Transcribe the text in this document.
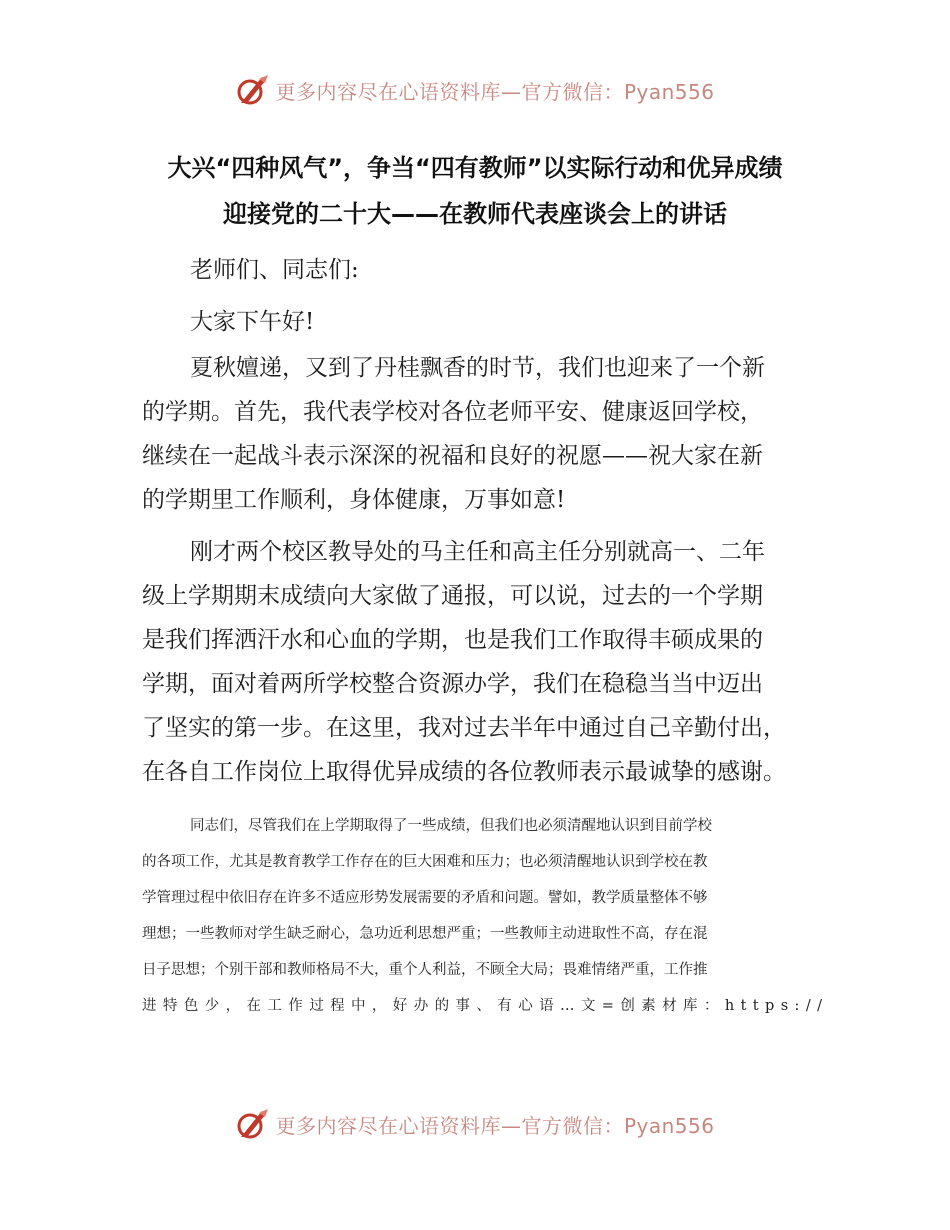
更多内容尽在心语资料库—官方微信：Pyan556
大兴“四种风气”，争当“四有教师”以实际行动和优异成绩
迎接党的二十大——在教师代表座谈会上的讲话
老师们、同志们:
大家下午好!
夏秋嬗递，又到了丹桂飘香的时节，我们也迎来了一个新
的学期。首先，我代表学校对各位老师平安、健康返回学校，
继续在一起战斗表示深深的祝福和良好的祝愿——祝大家在新
的学期里工作顺利，身体健康，万事如意!
刚才两个校区教导处的马主任和高主任分别就高一、二年
级上学期期末成绩向大家做了通报，可以说，过去的一个学期
是我们挥洒汗水和心血的学期，也是我们工作取得丰硕成果的
学期，面对着两所学校整合资源办学，我们在稳稳当当中迈出
了坚实的第一步。在这里，我对过去半年中通过自己辛勤付出，
在各自工作岗位上取得优异成绩的各位教师表示最诚挚的感谢。
同志们，尽管我们在上学期取得了一些成绩，但我们也必须清醒地认识到目前学校
的各项工作，尤其是教育教学工作存在的巨大困难和压力；也必须清醒地认识到学校在教
学管理过程中依旧存在许多不适应形势发展需要的矛盾和问题。譬如，教学质量整体不够
理想；一些教师对学生缺乏耐心，急功近利思想严重；一些教师主动进取性不高，存在混
日子思想；个别干部和教师格局不大，重个人利益，不顾全大局；畏难情绪严重，工作推
进特色少，在工作过程中，好办的事、有心语…文=创素材库：https://
更多内容尽在心语资料库—官方微信：Pyan556
